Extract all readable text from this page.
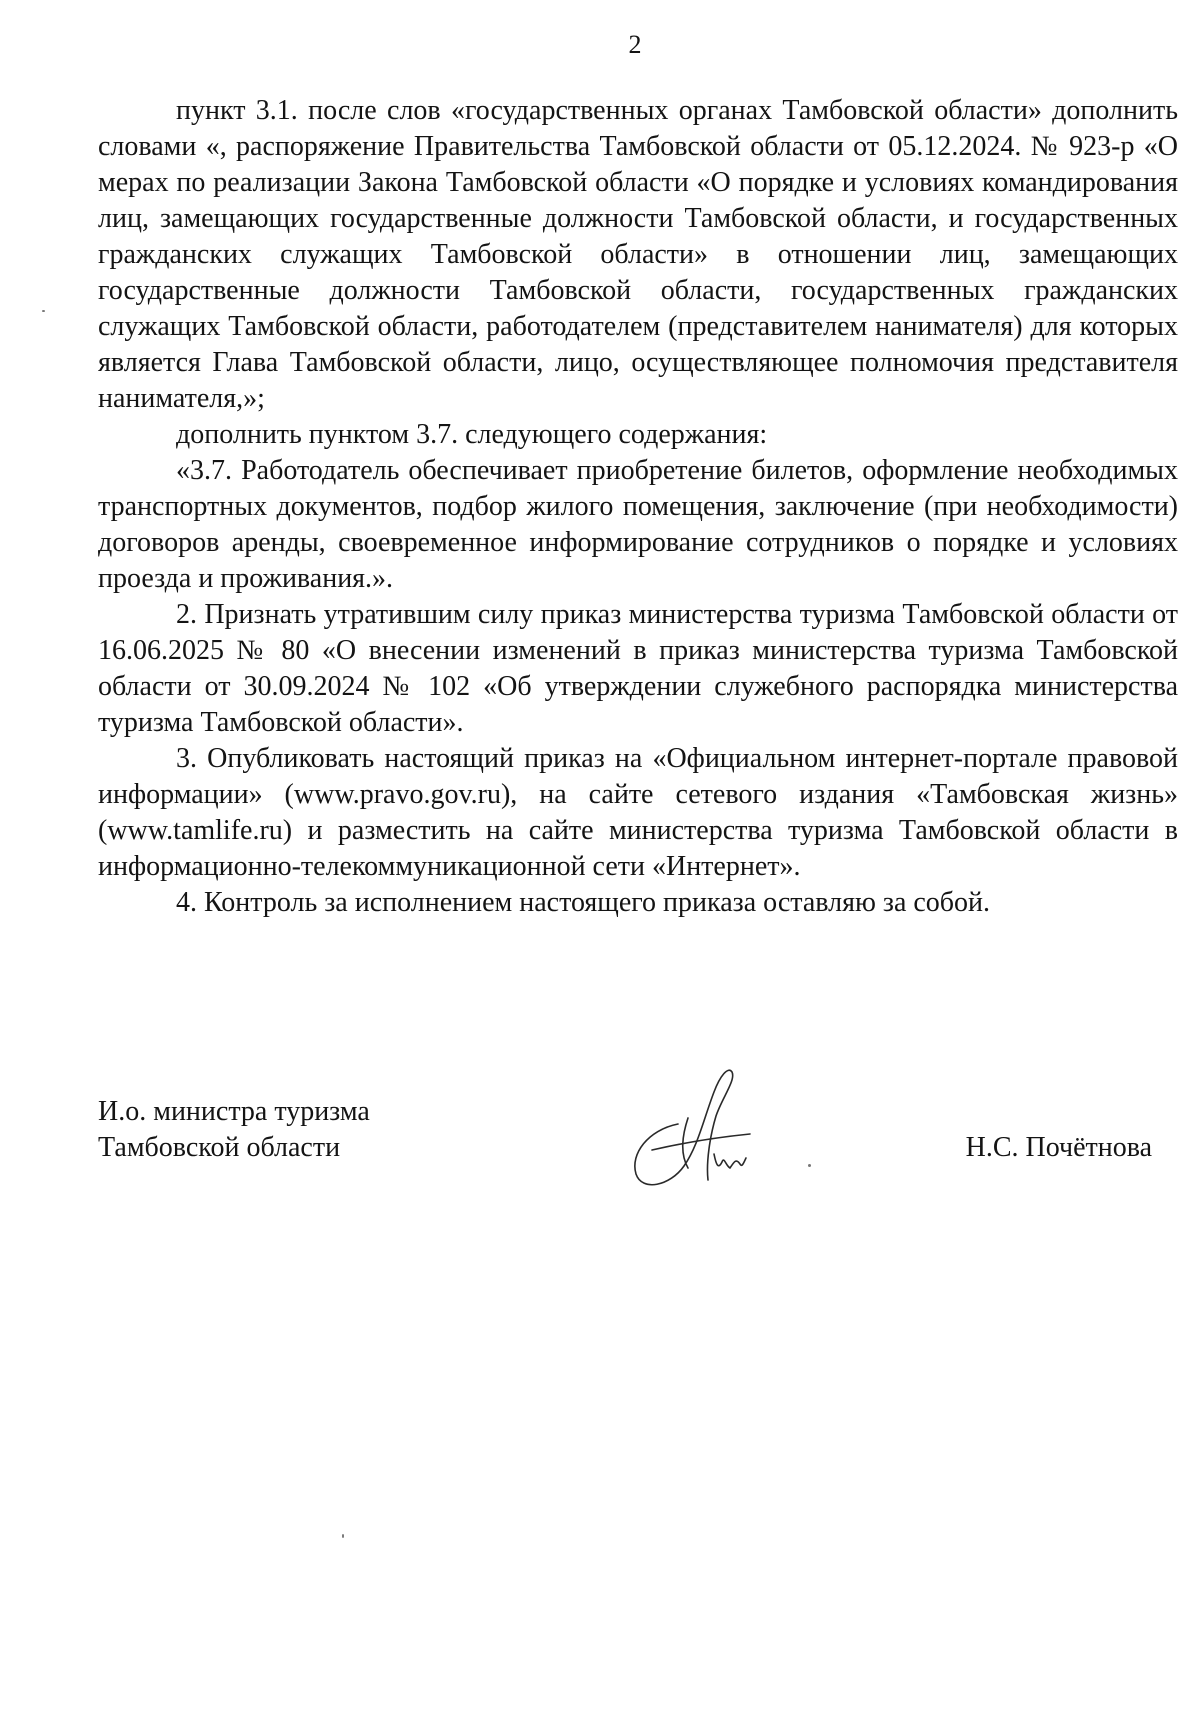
2

пункт 3.1. после слов «государственных органах Тамбовской области» дополнить словами «, распоряжение Правительства Тамбовской области от 05.12.2024. № 923-р «О мерах по реализации Закона Тамбовской области «О порядке и условиях командирования лиц, замещающих государственные должности Тамбовской области, и государственных гражданских служащих Тамбовской области» в отношении лиц, замещающих государственные должности Тамбовской области, государственных гражданских служащих Тамбовской области, работодателем (представителем нанимателя) для которых является Глава Тамбовской области, лицо, осуществляющее полномочия представителя нанимателя,»;

дополнить пунктом 3.7. следующего содержания:

«3.7. Работодатель обеспечивает приобретение билетов, оформление необходимых транспортных документов, подбор жилого помещения, заключение (при необходимости) договоров аренды, своевременное информирование сотрудников о порядке и условиях проезда и проживания.».

2. Признать утратившим силу приказ министерства туризма Тамбовской области от 16.06.2025 № 80 «О внесении изменений в приказ министерства туризма Тамбовской области от 30.09.2024 № 102 «Об утверждении служебного распорядка министерства туризма Тамбовской области».

3. Опубликовать настоящий приказ на «Официальном интернет-портале правовой информации» (www.pravo.gov.ru), на сайте сетевого издания «Тамбовская жизнь» (www.tamlife.ru) и разместить на сайте министерства туризма Тамбовской области в информационно-телекоммуникационной сети «Интернет».

4. Контроль за исполнением настоящего приказа оставляю за собой.

И.о. министра туризма
Тамбовской области	Н.С. Почётнова
